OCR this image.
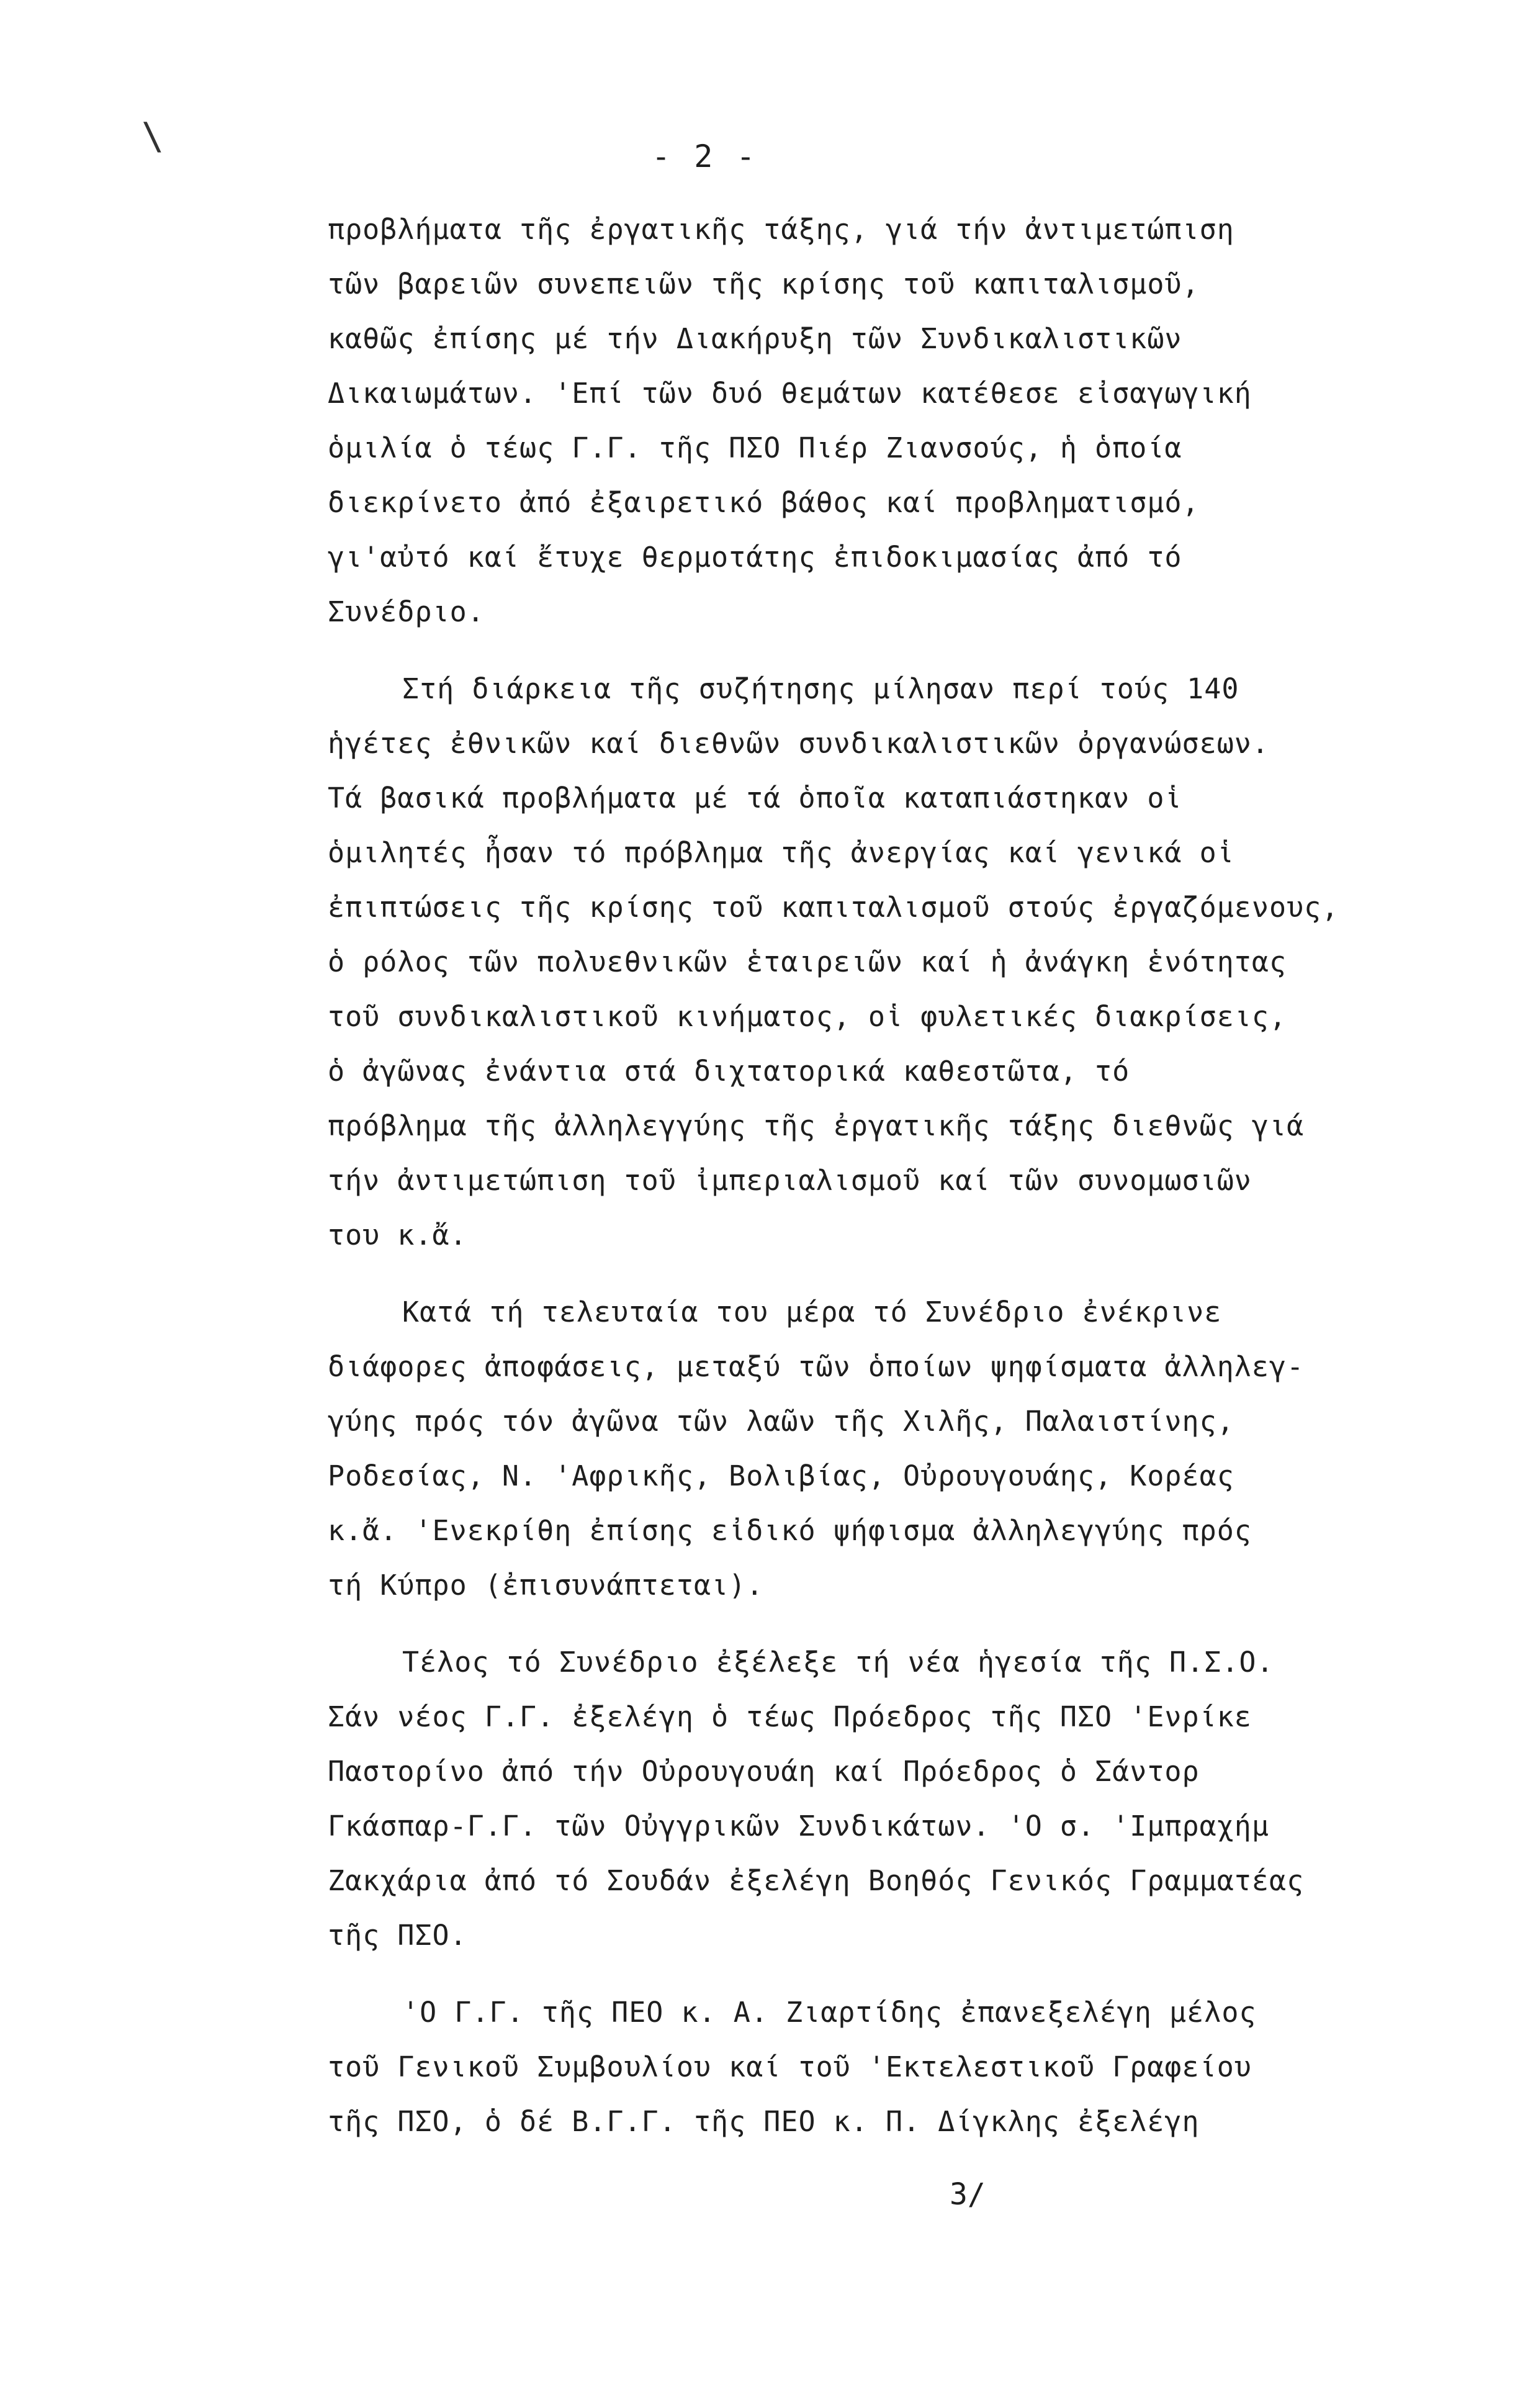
\	- 2 -

προβλήματα τῆς ἐργατικῆς τάξης, γιά τήν ἀντιμετώπιση
τῶν βαρειῶν συνεπειῶν τῆς κρίσης τοῦ καπιταλισμοῦ,
καθῶς ἐπίσης μέ τήν Διακήρυξη τῶν Συνδικαλιστικῶν
Δικαιωμάτων. 'Επί τῶν δυό θεμάτων κατέθεσε εἰσαγωγική
ὁμιλία ὁ τέως Γ.Γ. τῆς ΠΣΟ Πιέρ Ζιανσούς, ἡ ὁποία
διεκρίνετο ἀπό ἐξαιρετικό βάθος καί προβληματισμό,
γι'αὐτό καί ἔτυχε θερμοτάτης ἐπιδοκιμασίας ἀπό τό
Συνέδριο.

Στή διάρκεια τῆς συζήτησης μίλησαν περί τούς 140
ἡγέτες ἐθνικῶν καί διεθνῶν συνδικαλιστικῶν ὀργανώσεων.
Τά βασικά προβλήματα μέ τά ὁποῖα καταπιάστηκαν οἱ
ὁμιλητές ἦσαν τό πρόβλημα τῆς ἀνεργίας καί γενικά οἱ
ἐπιπτώσεις τῆς κρίσης τοῦ καπιταλισμοῦ στούς ἐργαζόμενους,
ὁ ρόλος τῶν πολυεθνικῶν ἑταιρειῶν καί ἡ ἀνάγκη ἑνότητας
τοῦ συνδικαλιστικοῦ κινήματος, οἱ φυλετικές διακρίσεις,
ὁ ἀγῶνας ἐνάντια στά διχτατορικά καθεστῶτα, τό
πρόβλημα τῆς ἀλληλεγγύης τῆς ἐργατικῆς τάξης διεθνῶς γιά
τήν ἀντιμετώπιση τοῦ ἰμπεριαλισμοῦ καί τῶν συνομωσιῶν
του κ.ἄ.

Κατά τή τελευταία του μέρα τό Συνέδριο ἐνέκρινε
διάφορες ἀποφάσεις, μεταξύ τῶν ὁποίων ψηφίσματα ἀλληλεγ-
γύης πρός τόν ἀγῶνα τῶν λαῶν τῆς Χιλῆς, Παλαιστίνης,
Ροδεσίας, Ν. 'Αφρικῆς, Βολιβίας, Οὐρουγουάης, Κορέας
κ.ἄ. 'Ενεκρίθη ἐπίσης εἰδικό ψήφισμα ἀλληλεγγύης πρός
τή Κύπρο (ἐπισυνάπτεται).

Τέλος τό Συνέδριο ἐξέλεξε τή νέα ἡγεσία τῆς Π.Σ.Ο.
Σάν νέος Γ.Γ. ἐξελέγη ὁ τέως Πρόεδρος τῆς ΠΣΟ 'Ενρίκε
Παστορίνο ἀπό τήν Οὐρουγουάη καί Πρόεδρος ὁ Σάντορ
Γκάσπαρ-Γ.Γ. τῶν Οὐγγρικῶν Συνδικάτων. 'Ο σ. 'Ιμπραχήμ
Ζακχάρια ἀπό τό Σουδάν ἐξελέγη Βοηθός Γενικός Γραμματέας
τῆς ΠΣΟ.

'Ο Γ.Γ. τῆς ΠΕΟ κ. Α. Ζιαρτίδης ἐπανεξελέγη μέλος
τοῦ Γενικοῦ Συμβουλίου καί τοῦ 'Εκτελεστικοῦ Γραφείου
τῆς ΠΣΟ, ὁ δέ Β.Γ.Γ. τῆς ΠΕΟ κ. Π. Δίγκλης ἐξελέγη

3/
